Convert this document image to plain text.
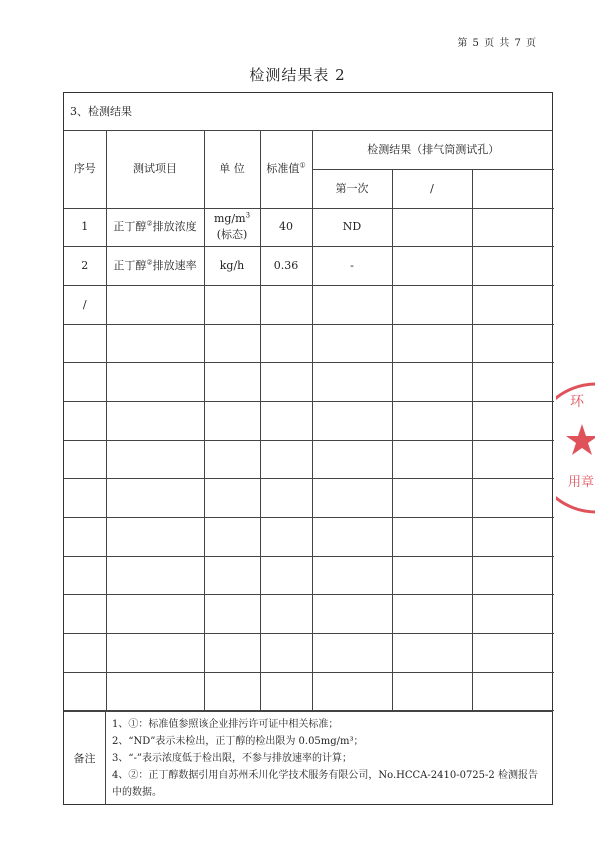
第 5 页 共 7 页
检测结果表 2
3、检测结果
序号	测试项目	单 位	标准值①	检测结果（排气筒测试孔）		
				第一次	/	
1	正丁醇②排放浓度	$mg/m^3$
(标态)	40	ND		
2	正丁醇②排放速率	kg/h	0.36	-		
/						

备注
1、①：标准值参照该企业排污许可证中相关标准；
2、“ND”表示未检出，正丁醇的检出限为 0.05mg/m³；
3、“-”表示浓度低于检出限，不参与排放速率的计算；
4、②：正丁醇数据引用自苏州禾川化学技术服务有限公司，No.HCCA-2410-0725-2 检测报告中的数据。
环
用章
